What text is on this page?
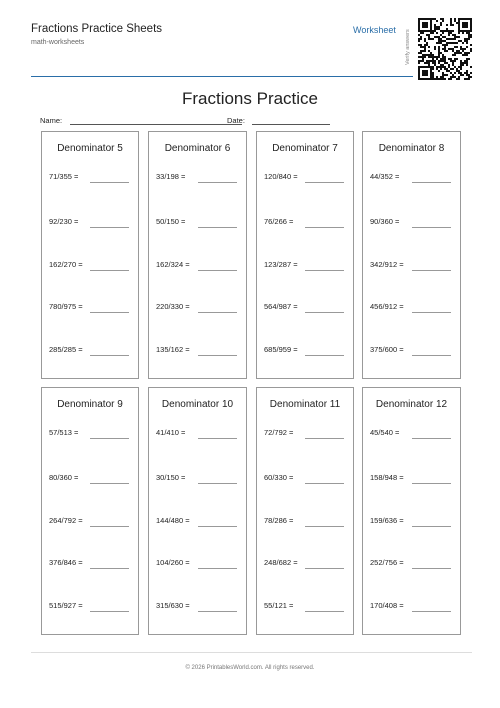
Fractions Practice Sheets
math-worksheets
Worksheet Verify answers
Fractions Practice
Name:	Date:
Denominator 5
71/355 =
92/230 =
162/270 =
780/975 =
285/285 =
Denominator 6
33/198 =
50/150 =
162/324 =
220/330 =
135/162 =
Denominator 7
120/840 =
76/266 =
123/287 =
564/987 =
685/959 =
Denominator 8
44/352 =
90/360 =
342/912 =
456/912 =
375/600 =
Denominator 9
57/513 =
80/360 =
264/792 =
376/846 =
515/927 =
Denominator 10
41/410 =
30/150 =
144/480 =
104/260 =
315/630 =
Denominator 11
72/792 =
60/330 =
78/286 =
248/682 =
55/121 =
Denominator 12
45/540 =
158/948 =
159/636 =
252/756 =
170/408 =
© 2026 PrintablesWorld.com. All rights reserved.
